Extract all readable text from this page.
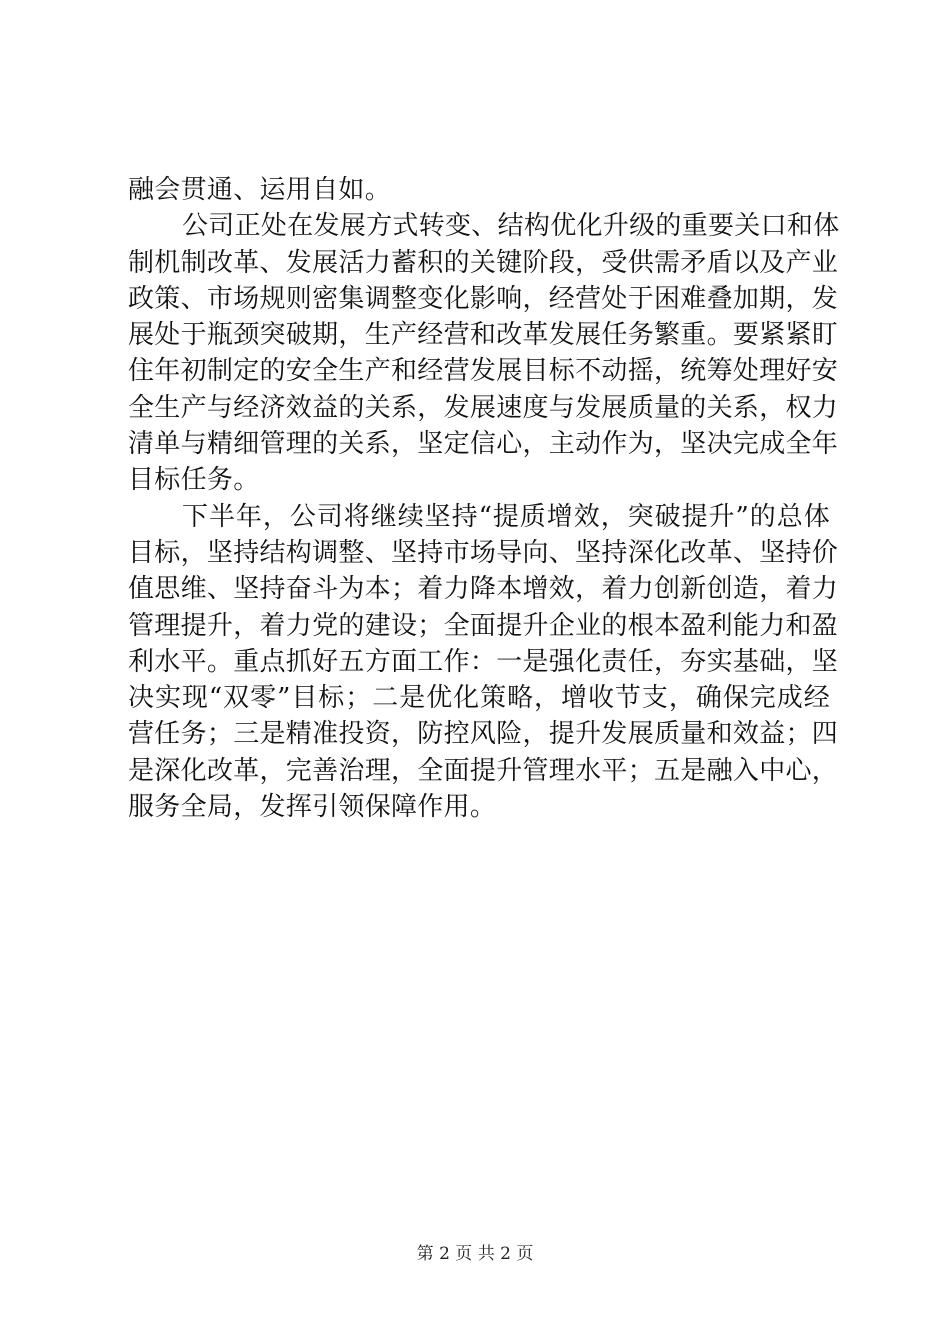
融会贯通、运用自如。
公司正处在发展方式转变、结构优化升级的重要关口和体
制机制改革、发展活力蓄积的关键阶段，受供需矛盾以及产业
政策、市场规则密集调整变化影响，经营处于困难叠加期，发
展处于瓶颈突破期，生产经营和改革发展任务繁重。要紧紧盯
住年初制定的安全生产和经营发展目标不动摇，统筹处理好安
全生产与经济效益的关系，发展速度与发展质量的关系，权力
清单与精细管理的关系，坚定信心，主动作为，坚决完成全年
目标任务。
下半年，公司将继续坚持“提质增效，突破提升”的总体
目标，坚持结构调整、坚持市场导向、坚持深化改革、坚持价
值思维、坚持奋斗为本；着力降本增效，着力创新创造，着力
管理提升，着力党的建设；全面提升企业的根本盈利能力和盈
利水平。重点抓好五方面工作：一是强化责任，夯实基础，坚
决实现“双零”目标；二是优化策略，增收节支，确保完成经
营任务；三是精准投资，防控风险，提升发展质量和效益；四
是深化改革，完善治理，全面提升管理水平；五是融入中心，
服务全局，发挥引领保障作用。
第 2 页 共 2 页
